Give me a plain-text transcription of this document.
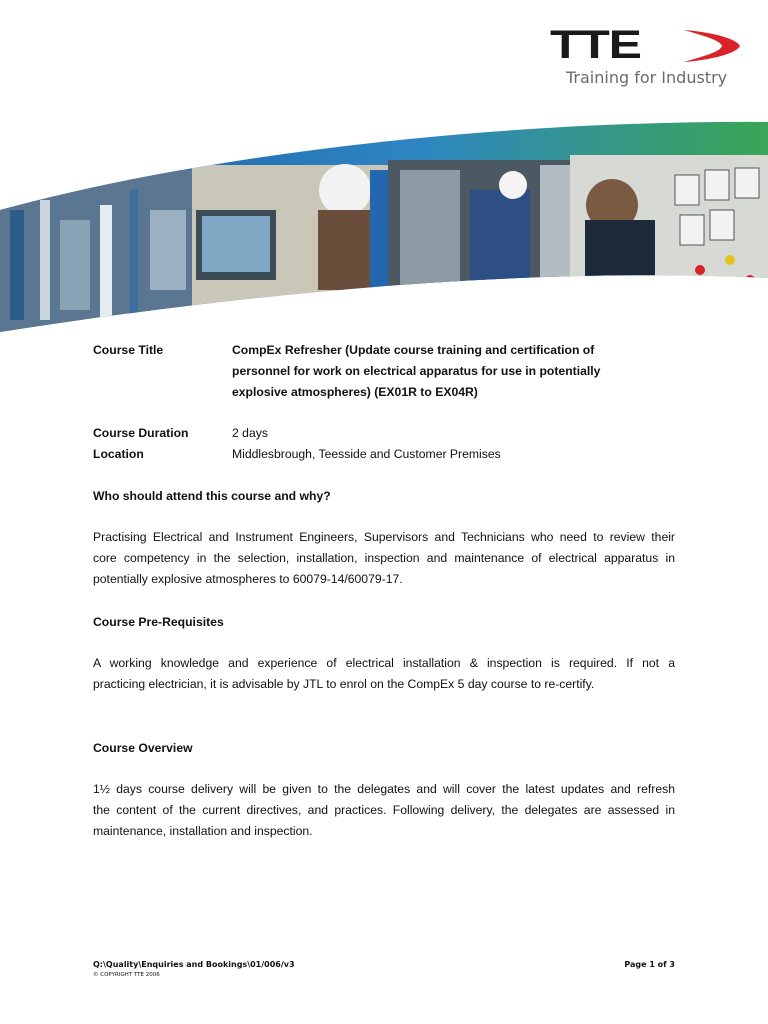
TTE
Training for Industry
Course Title	CompEx Refresher (Update course training and certification of
personnel for work on electrical apparatus for use in potentially
explosive atmospheres) (EX01R to EX04R)
Course Duration	2 days
Location	Middlesbrough, Teesside and Customer Premises
Who should attend this course and why?
Practising Electrical and Instrument Engineers, Supervisors and Technicians who need to review their
core competency in the selection, installation, inspection and maintenance of electrical apparatus in
potentially explosive atmospheres to 60079-14/60079-17.
Course Pre-Requisites
A working knowledge and experience of electrical installation & inspection is required. If not a
practicing electrician, it is advisable by JTL to enrol on the CompEx 5 day course to re-certify.
Course Overview
1½ days course delivery will be given to the delegates and will cover the latest updates and refresh
the content of the current directives, and practices. Following delivery, the delegates are assessed in
maintenance, installation and inspection.
Q:\Quality\Enquiries and Bookings\01/006/v3
© COPYRIGHT TTE 2006
Page 1 of 3
